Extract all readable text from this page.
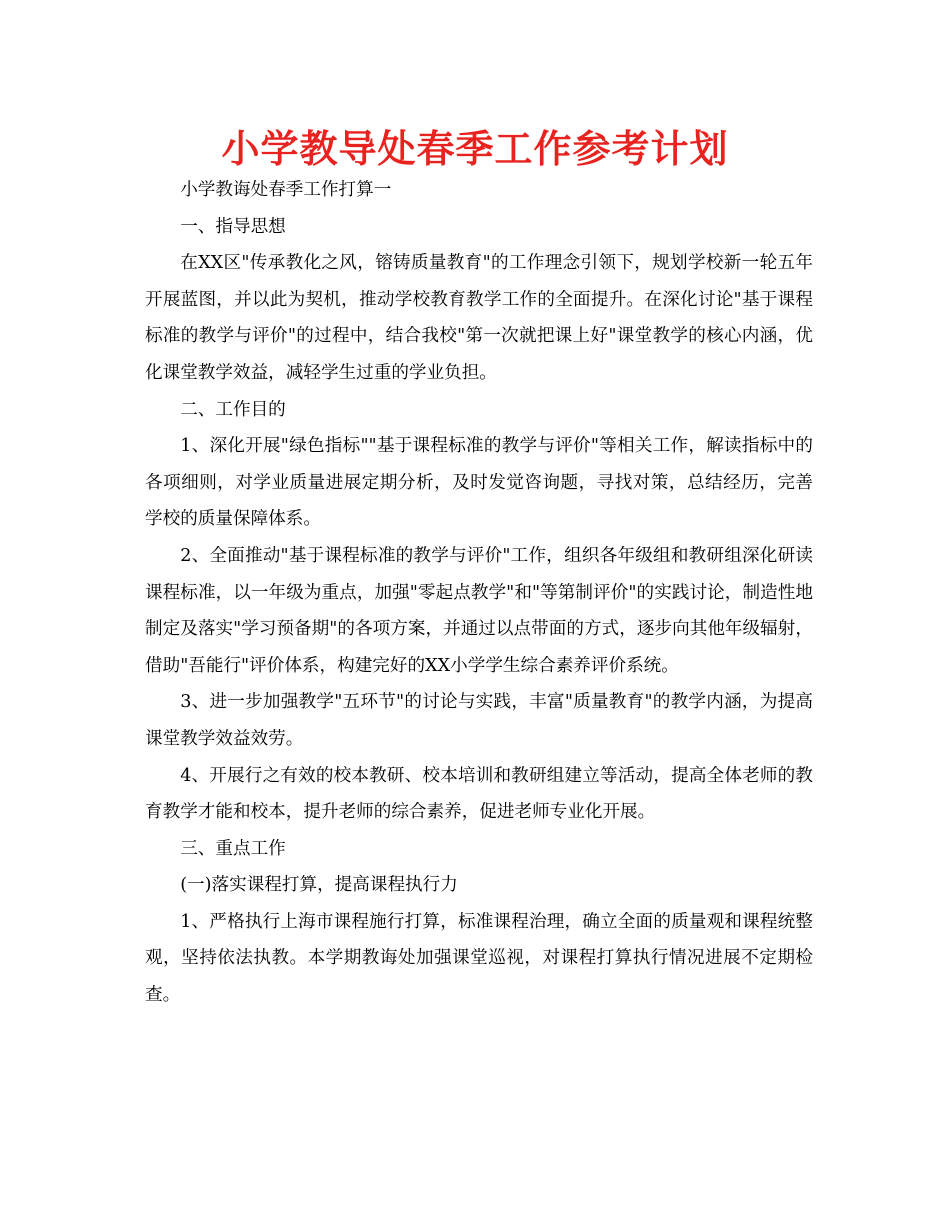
小学教导处春季工作参考计划

小学教诲处春季工作打算一

一、指导思想

在XX区"传承教化之风，镕铸质量教育"的工作理念引领下，规划学校新一轮五年开展蓝图，并以此为契机，推动学校教育教学工作的全面提升。在深化讨论"基于课程标准的教学与评价"的过程中，结合我校"第一次就把课上好"课堂教学的核心内涵，优化课堂教学效益，减轻学生过重的学业负担。

二、工作目的

1、深化开展"绿色指标""基于课程标准的教学与评价"等相关工作，解读指标中的各项细则，对学业质量进展定期分析，及时发觉咨询题，寻找对策，总结经历，完善学校的质量保障体系。

2、全面推动"基于课程标准的教学与评价"工作，组织各年级组和教研组深化研读课程标准，以一年级为重点，加强"零起点教学"和"等第制评价"的实践讨论，制造性地制定及落实"学习预备期"的各项方案，并通过以点带面的方式，逐步向其他年级辐射，借助"吾能行"评价体系，构建完好的XX小学学生综合素养评价系统。

3、进一步加强教学"五环节"的讨论与实践，丰富"质量教育"的教学内涵，为提高课堂教学效益效劳。

4、开展行之有效的校本教研、校本培训和教研组建立等活动，提高全体老师的教育教学才能和校本，提升老师的综合素养，促进老师专业化开展。

三、重点工作

(一)落实课程打算，提高课程执行力

1、严格执行上海市课程施行打算，标准课程治理，确立全面的质量观和课程统整观，坚持依法执教。本学期教诲处加强课堂巡视，对课程打算执行情况进展不定期检查。
